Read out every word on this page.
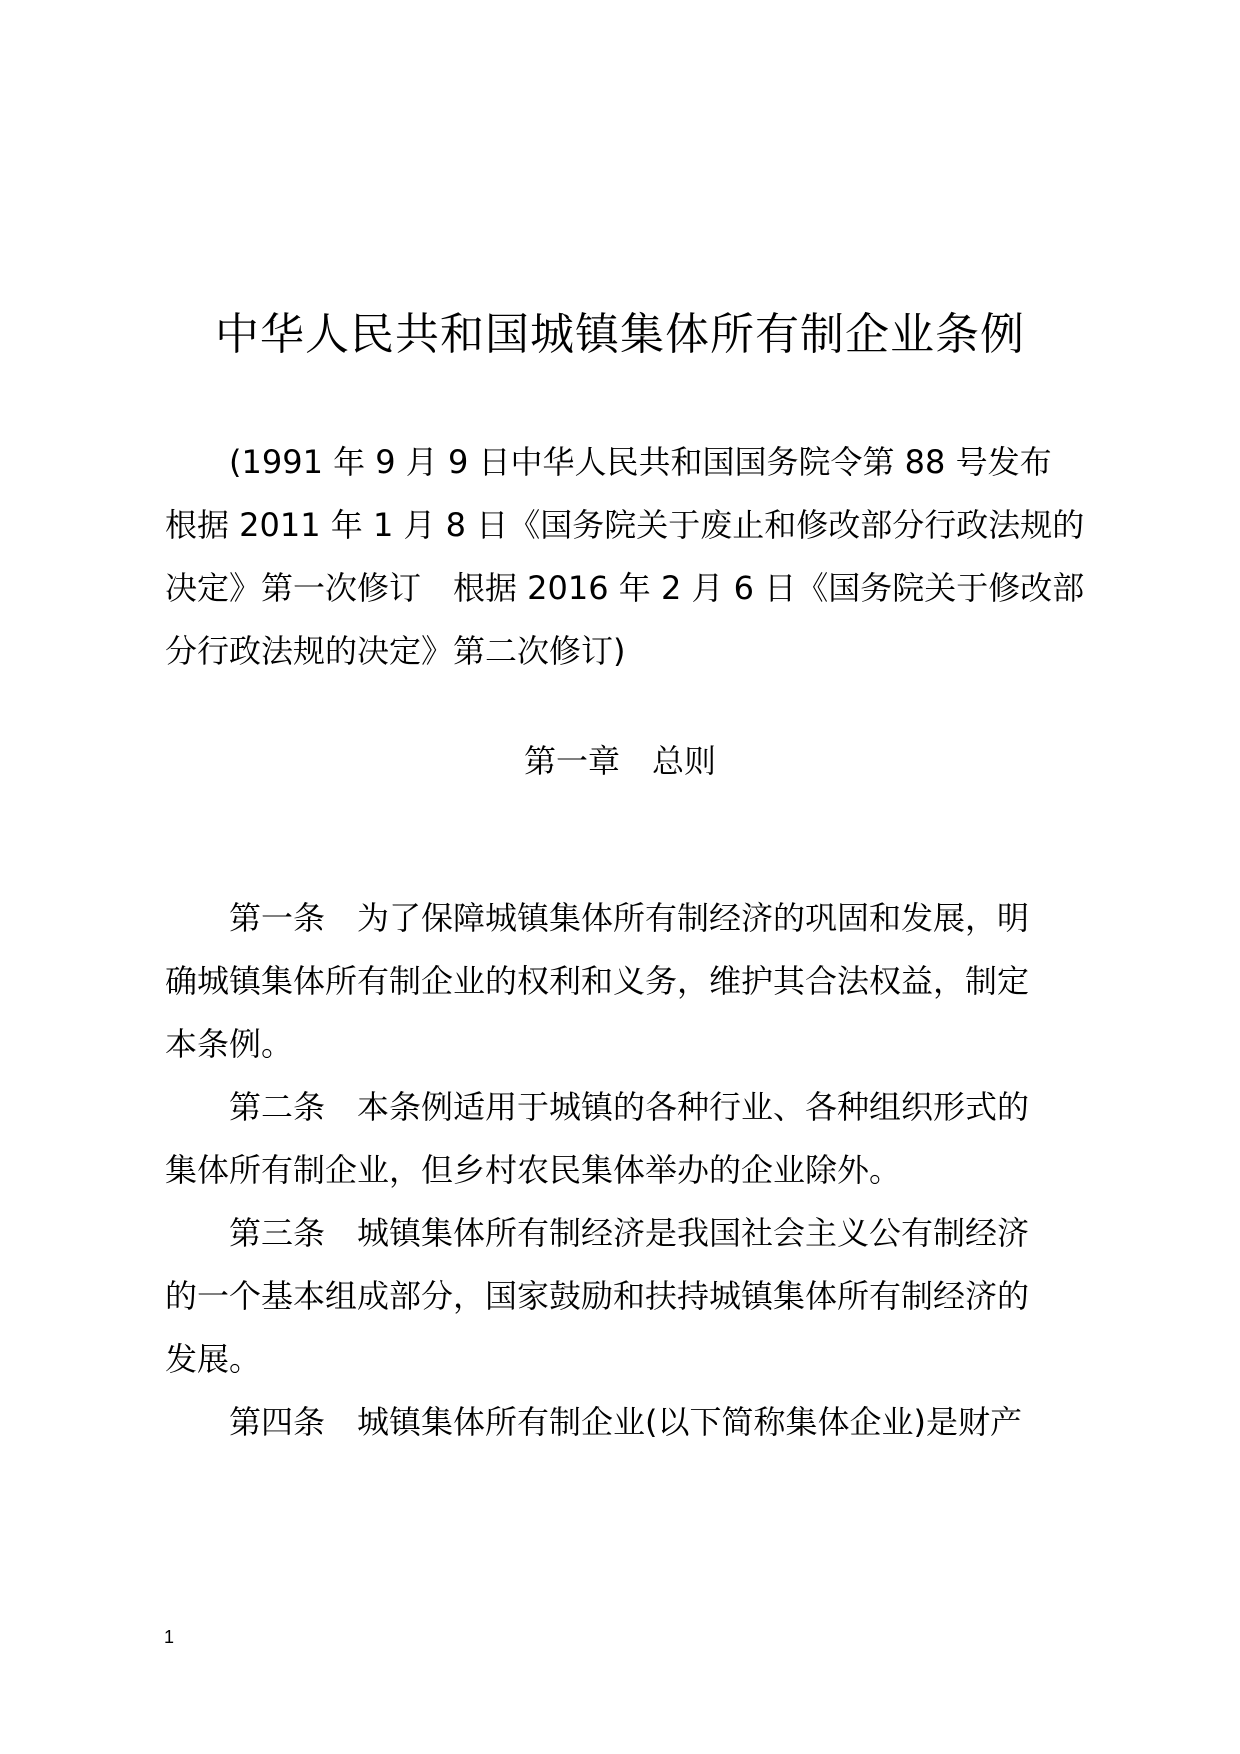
中华人民共和国城镇集体所有制企业条例
(1991 年 9 月 9 日中华人民共和国国务院令第 88 号发布
根据 2011 年 1 月 8 日《国务院关于废止和修改部分行政法规的
决定》第一次修订　根据 2016 年 2 月 6 日《国务院关于修改部
分行政法规的决定》第二次修订)
第一章　总则
第一条　为了保障城镇集体所有制经济的巩固和发展，明
确城镇集体所有制企业的权利和义务，维护其合法权益，制定
本条例。
第二条　本条例适用于城镇的各种行业、各种组织形式的
集体所有制企业，但乡村农民集体举办的企业除外。
第三条　城镇集体所有制经济是我国社会主义公有制经济
的一个基本组成部分，国家鼓励和扶持城镇集体所有制经济的
发展。
第四条　城镇集体所有制企业(以下简称集体企业)是财产
1
